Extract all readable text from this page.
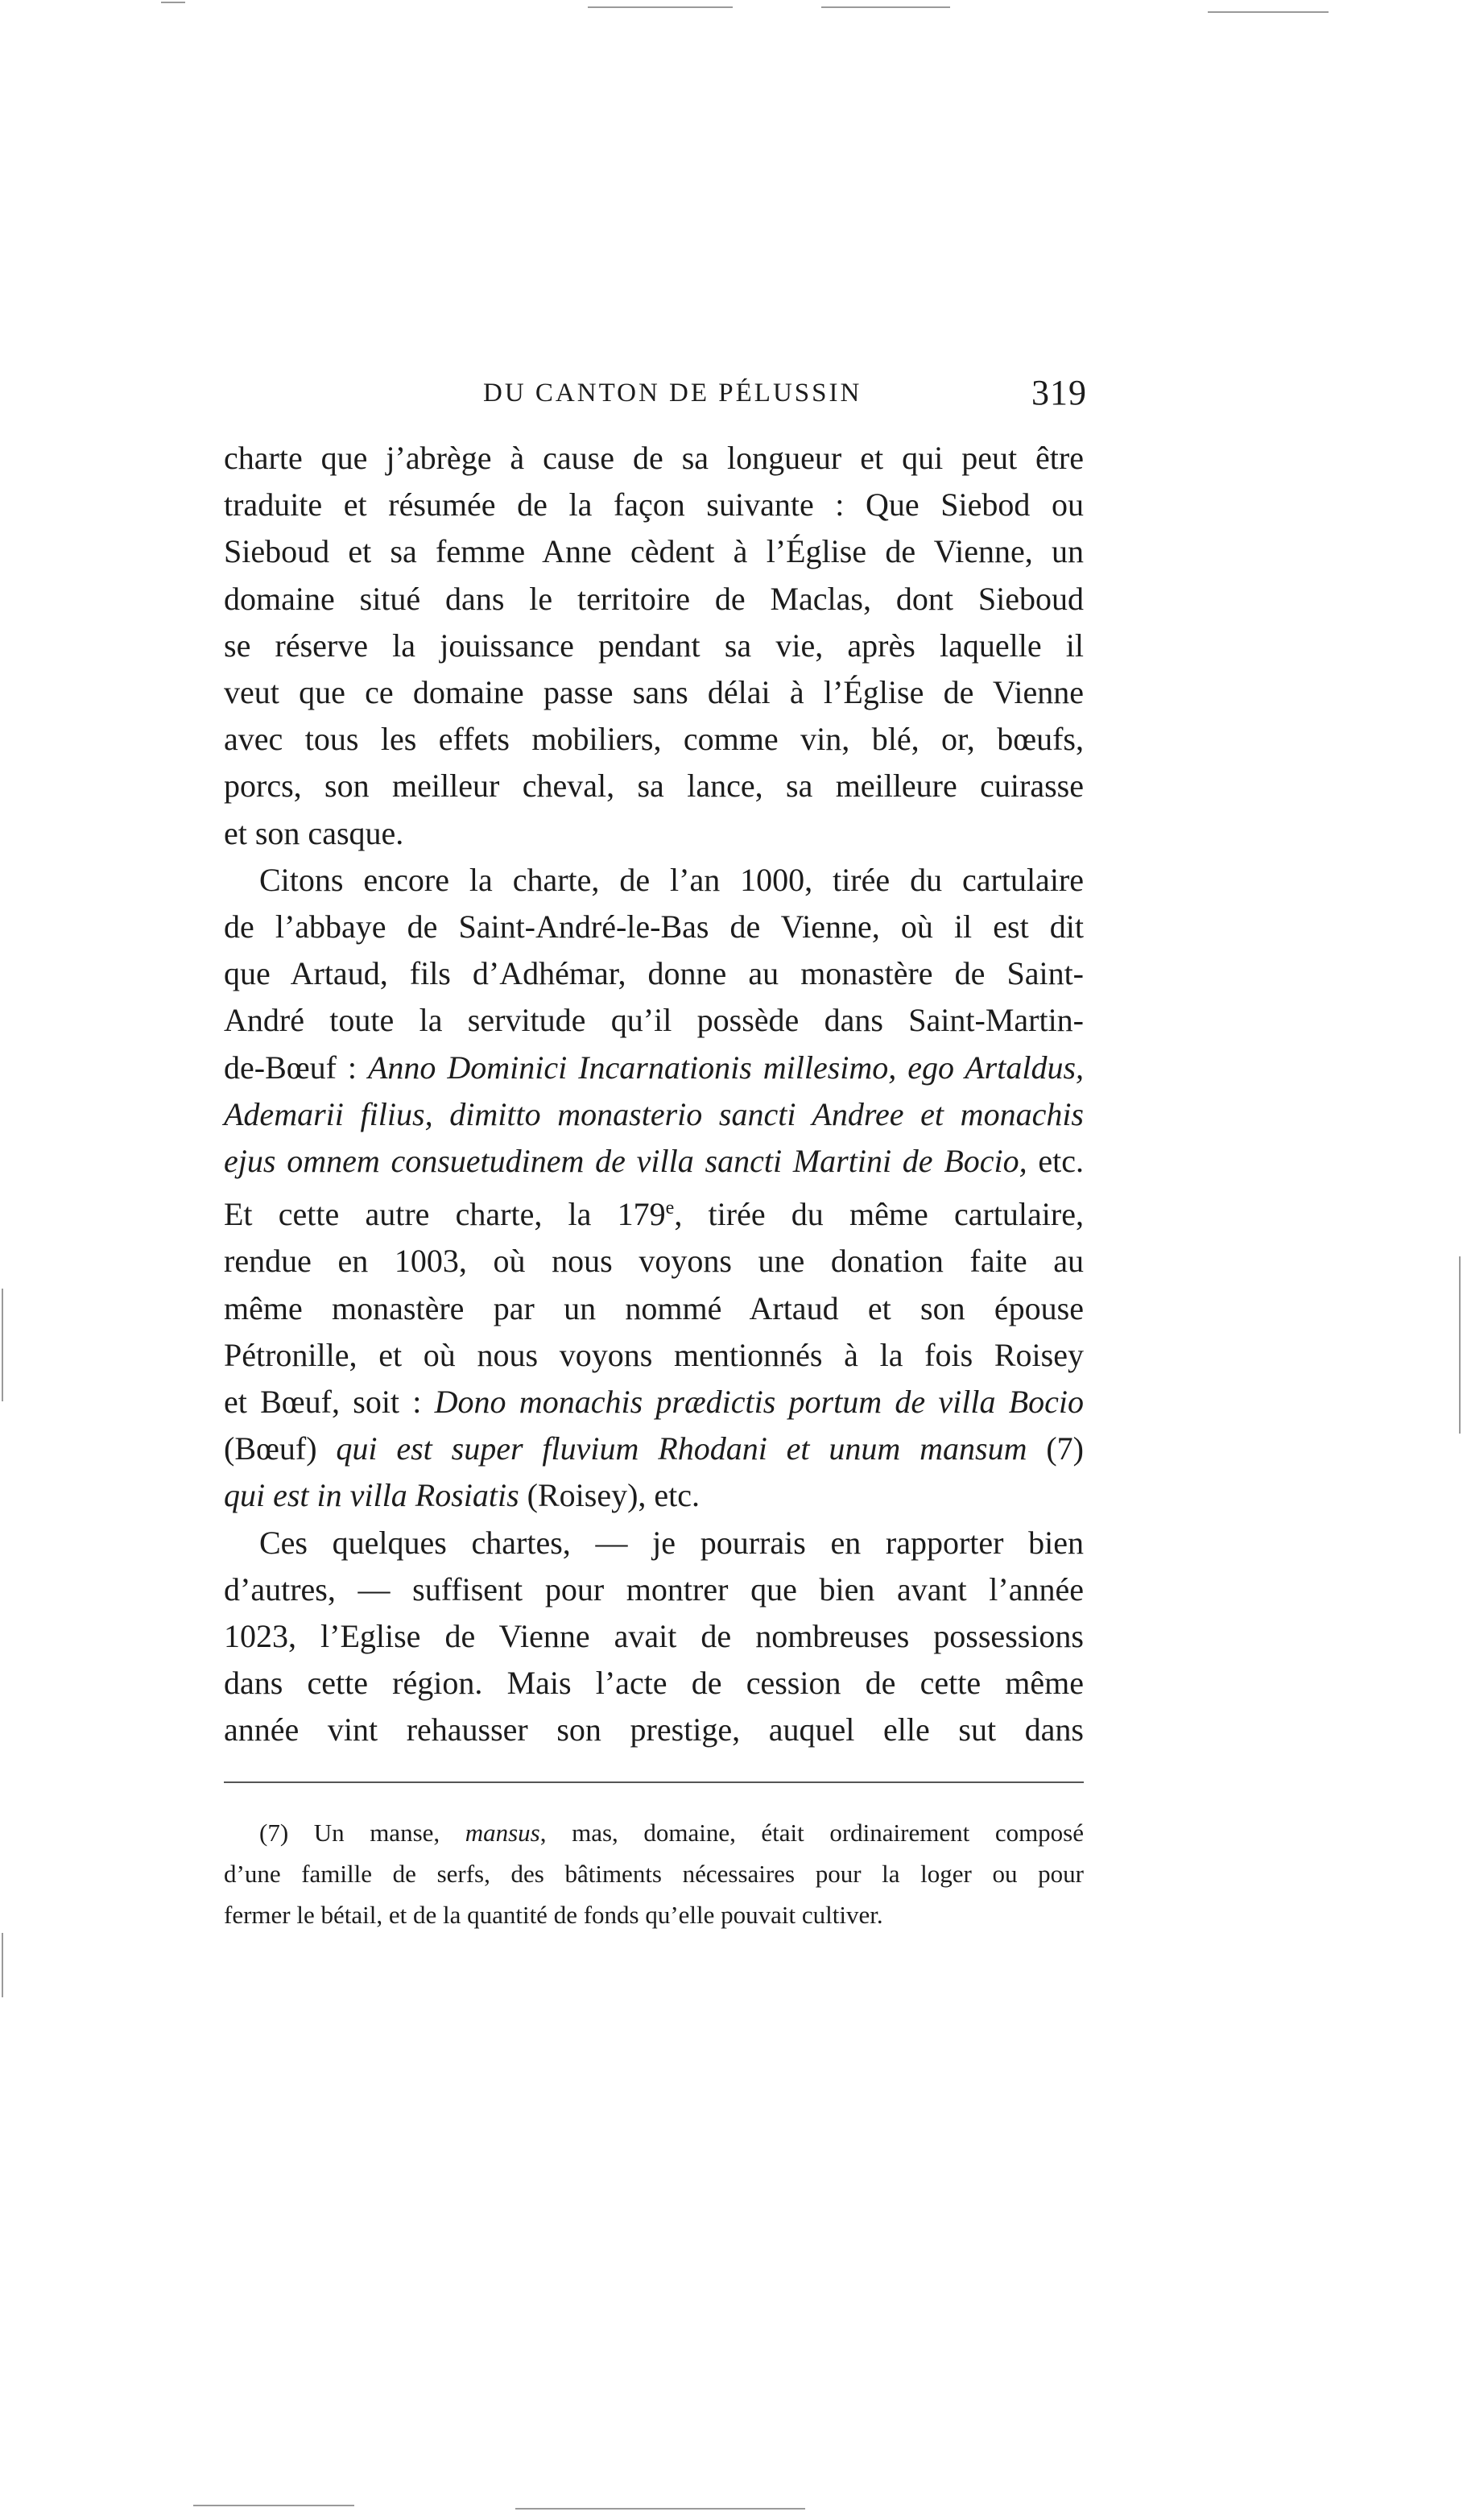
DU CANTON DE PÉLUSSIN	319
charte que j’abrège à cause de sa longueur et qui peut être
traduite et résumée de la façon suivante : Que Siebod ou
Sieboud et sa femme Anne cèdent à l’Église de Vienne, un
domaine situé dans le territoire de Maclas, dont Sieboud
se réserve la jouissance pendant sa vie, après laquelle il
veut que ce domaine passe sans délai à l’Église de Vienne
avec tous les effets mobiliers, comme vin, blé, or, bœufs,
porcs, son meilleur cheval, sa lance, sa meilleure cuirasse
et son casque.
Citons encore la charte, de l’an 1000, tirée du cartulaire
de l’abbaye de Saint-André-le-Bas de Vienne, où il est dit
que Artaud, fils d’Adhémar, donne au monastère de Saint-
André toute la servitude qu’il possède dans Saint-Martin-
de-Bœuf : Anno Dominici Incarnationis millesimo, ego Artaldus,
Ademarii filius, dimitto monasterio sancti Andree et monachis
ejus omnem consuetudinem de villa sancti Martini de Bocio, etc.
Et cette autre charte, la 179e, tirée du même cartulaire,
rendue en 1003, où nous voyons une donation faite au
même monastère par un nommé Artaud et son épouse
Pétronille, et où nous voyons mentionnés à la fois Roisey
et Bœuf, soit : Dono monachis prædictis portum de villa Bocio
(Bœuf) qui est super fluvium Rhodani et unum mansum (7)
qui est in villa Rosiatis (Roisey), etc.
Ces quelques chartes, — je pourrais en rapporter bien
d’autres, — suffisent pour montrer que bien avant l’année
1023, l’Eglise de Vienne avait de nombreuses possessions
dans cette région. Mais l’acte de cession de cette même
année vint rehausser son prestige, auquel elle sut dans
(7) Un manse, mansus, mas, domaine, était ordinairement composé
d’une famille de serfs, des bâtiments nécessaires pour la loger ou pour
fermer le bétail, et de la quantité de fonds qu’elle pouvait cultiver.
